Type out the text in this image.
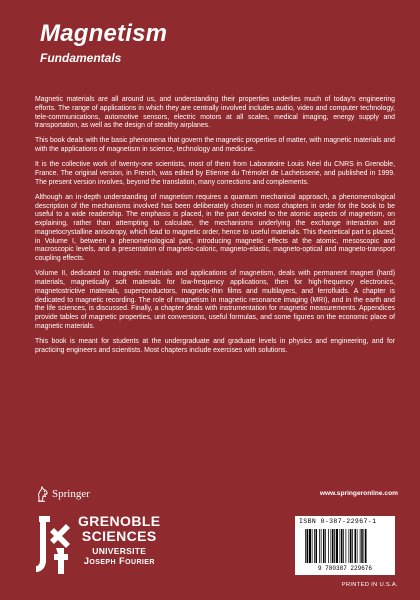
Magnetism
Fundamentals

Magnetic materials are all around us, and understanding their properties underlies much of today's engineering efforts. The range of applications in which they are centrally involved includes audio, video and computer technology, tele-communications, automotive sensors, electric motors at all scales, medical imaging, energy supply and transportation, as well as the design of stealthy airplanes.

This book deals with the basic phenomena that govern the magnetic properties of matter, with magnetic materials and with the applications of magnetism in science, technology and medicine.

It is the collective work of twenty-one scientists, most of them from Laboratoire Louis Néel du CNRS in Grenoble, France. The original version, in French, was edited by Etienne du Trémolet de Lacheisserie, and published in 1999. The present version involves, beyond the translation, many corrections and complements.

Although an in-depth understanding of magnetism requires a quantum mechanical approach, a phenomenological description of the mechanisms involved has been deliberately chosen in most chapters in order for the book to be useful to a wide readership. The emphasis is placed, in the part devoted to the atomic aspects of magnetism, on explaining, rather than attempting to calculate, the mechanisms underlying the exchange interaction and magnetocrystalline anisotropy, which lead to magnetic order, hence to useful materials. This theoretical part is placed, in Volume I, between a phenomenological part, introducing magnetic effects at the atomic, mesoscopic and macroscopic levels, and a presentation of magneto-caloric, magneto-elastic, magneto-optical and magneto-transport coupling effects.

Volume II, dedicated to magnetic materials and applications of magnetism, deals with permanent magnet (hard) materials, magnetically soft materials for low-frequency applications, then for high-frequency electronics, magnetostrictive materials, superconductors, magnetic-thin films and multilayers, and ferrofluids. A chapter is dedicated to magnetic recording. The role of magnetism in magnetic resonance imaging (MRI), and in the earth and the life sciences, is discussed. Finally, a chapter deals with instrumentation for magnetic measurements. Appendices provide tables of magnetic properties, unit conversions, useful formulas, and some figures on the economic place of magnetic materials.

This book is meant for students at the undergraduate and graduate levels in physics and engineering, and for practicing engineers and scientists. Most chapters include exercises with solutions.

Springer	www.springeronline.com
GRENOBLE
SCIENCES
UNIVERSITE
Joseph Fourier
ISBN 0-387-22967-1
9 780387 229676
PRINTED IN U.S.A.
